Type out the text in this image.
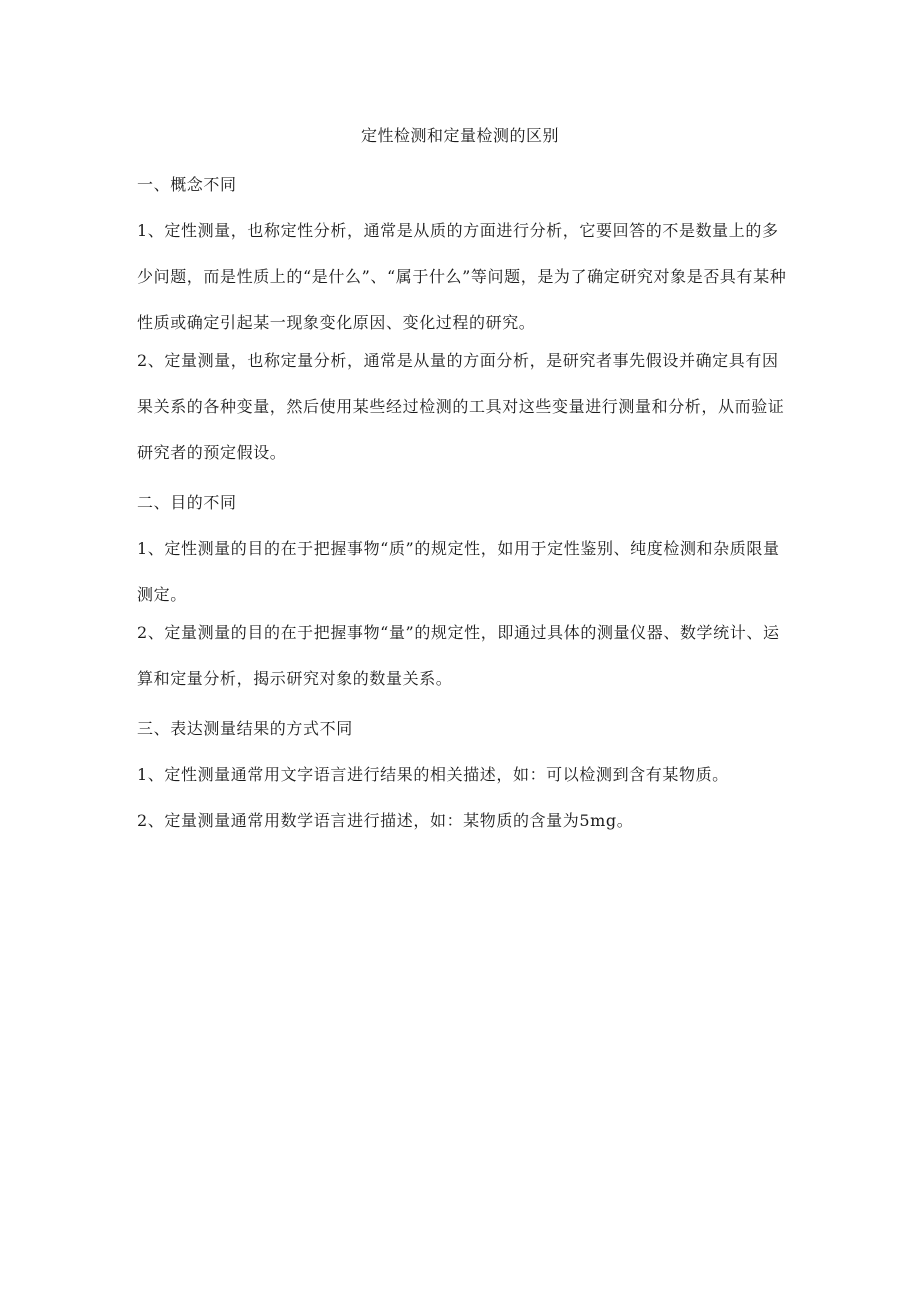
定性检测和定量检测的区别

一、概念不同

1、定性测量，也称定性分析，通常是从质的方面进行分析，它要回答的不是数量上的多少问题，而是性质上的“是什么”、“属于什么”等问题，是为了确定研究对象是否具有某种性质或确定引起某一现象变化原因、变化过程的研究。

2、定量测量，也称定量分析，通常是从量的方面分析，是研究者事先假设并确定具有因果关系的各种变量，然后使用某些经过检测的工具对这些变量进行测量和分析，从而验证研究者的预定假设。

二、目的不同

1、定性测量的目的在于把握事物“质”的规定性，如用于定性鉴别、纯度检测和杂质限量测定。

2、定量测量的目的在于把握事物“量”的规定性，即通过具体的测量仪器、数学统计、运算和定量分析，揭示研究对象的数量关系。

三、表达测量结果的方式不同

1、定性测量通常用文字语言进行结果的相关描述，如：可以检测到含有某物质。

2、定量测量通常用数学语言进行描述，如：某物质的含量为5mg。
